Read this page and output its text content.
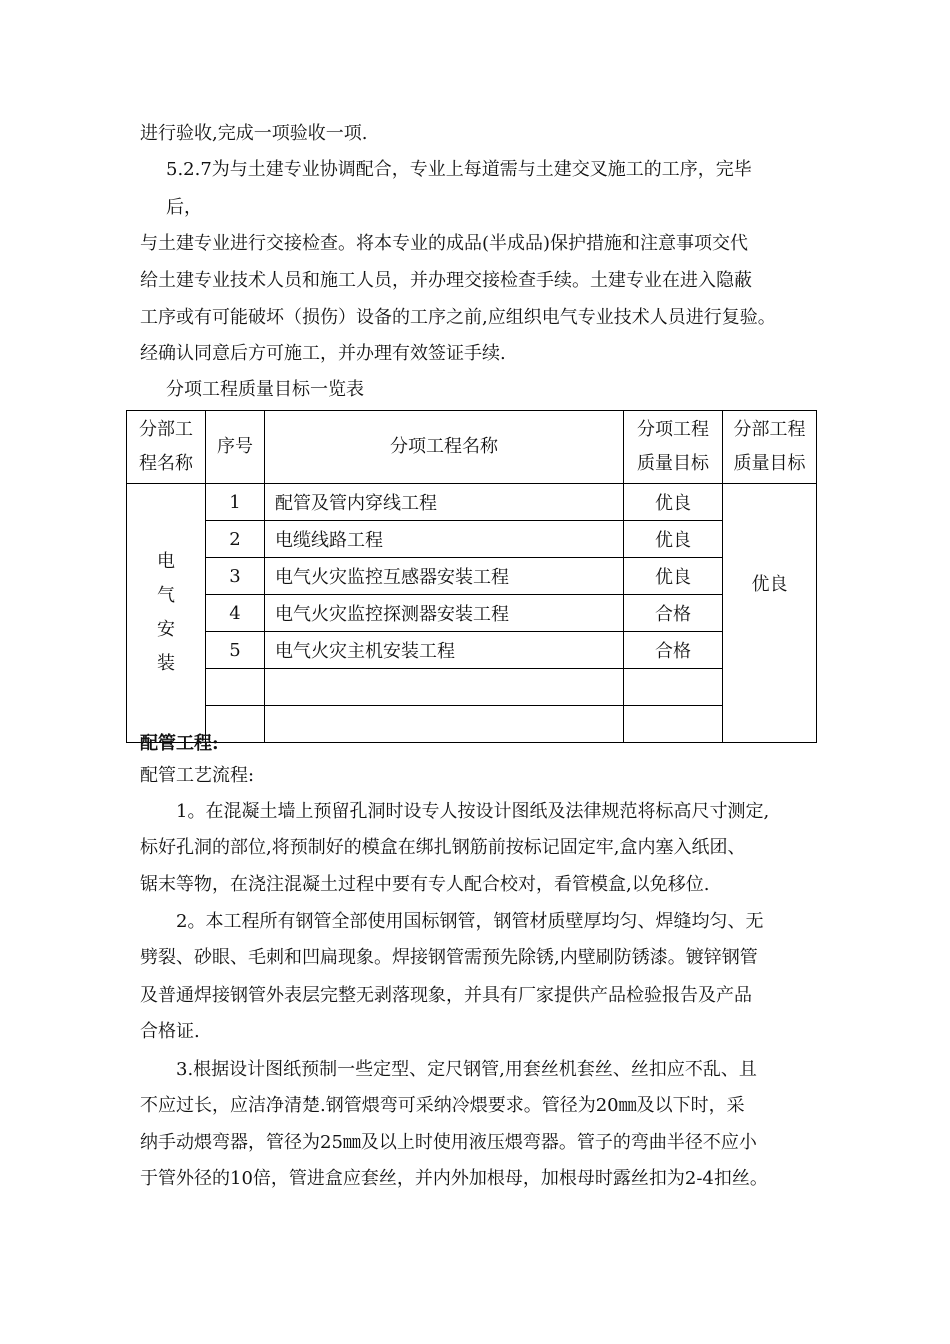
进行验收,完成一项验收一项.
5.2.7为与土建专业协调配合，专业上每道需与土建交叉施工的工序，完毕
后，
与土建专业进行交接检查。将本专业的成品(半成品)保护措施和注意事项交代
给土建专业技术人员和施工人员，并办理交接检查手续。土建专业在进入隐蔽
工序或有可能破坏（损伤）设备的工序之前,应组织电气专业技术人员进行复验。
经确认同意后方可施工，并办理有效签证手续.
分项工程质量目标一览表
分部工程名称	序号	分项工程名称	分项工程质量目标	分部工程质量目标

电气安装	1	配管及管内穿线工程	优良	优良
	2	电缆线路工程	优良	
	3	电气火灾监控互感器安装工程	优良	
	4	电气火灾监控探测器安装工程	合格	
	5	电气火灾主机安装工程	合格	

配管工程:
配管工艺流程:
1。在混凝土墙上预留孔洞时设专人按设计图纸及法律规范将标高尺寸测定,
标好孔洞的部位,将预制好的模盒在绑扎钢筋前按标记固定牢,盒内塞入纸团、
锯末等物，在浇注混凝土过程中要有专人配合校对，看管模盒,以免移位.
2。本工程所有钢管全部使用国标钢管，钢管材质壁厚均匀、焊缝均匀、无
劈裂、砂眼、毛刺和凹扁现象。焊接钢管需预先除锈,内壁刷防锈漆。镀锌钢管
及普通焊接钢管外表层完整无剥落现象，并具有厂家提供产品检验报告及产品
合格证.
3.根据设计图纸预制一些定型、定尺钢管,用套丝机套丝、丝扣应不乱、且
不应过长，应洁净清楚.钢管煨弯可采纳冷煨要求。管径为20㎜及以下时，采
纳手动煨弯器，管径为25㎜及以上时使用液压煨弯器。管子的弯曲半径不应小
于管外径的10倍，管进盒应套丝，并内外加根母，加根母时露丝扣为2-4扣丝。
